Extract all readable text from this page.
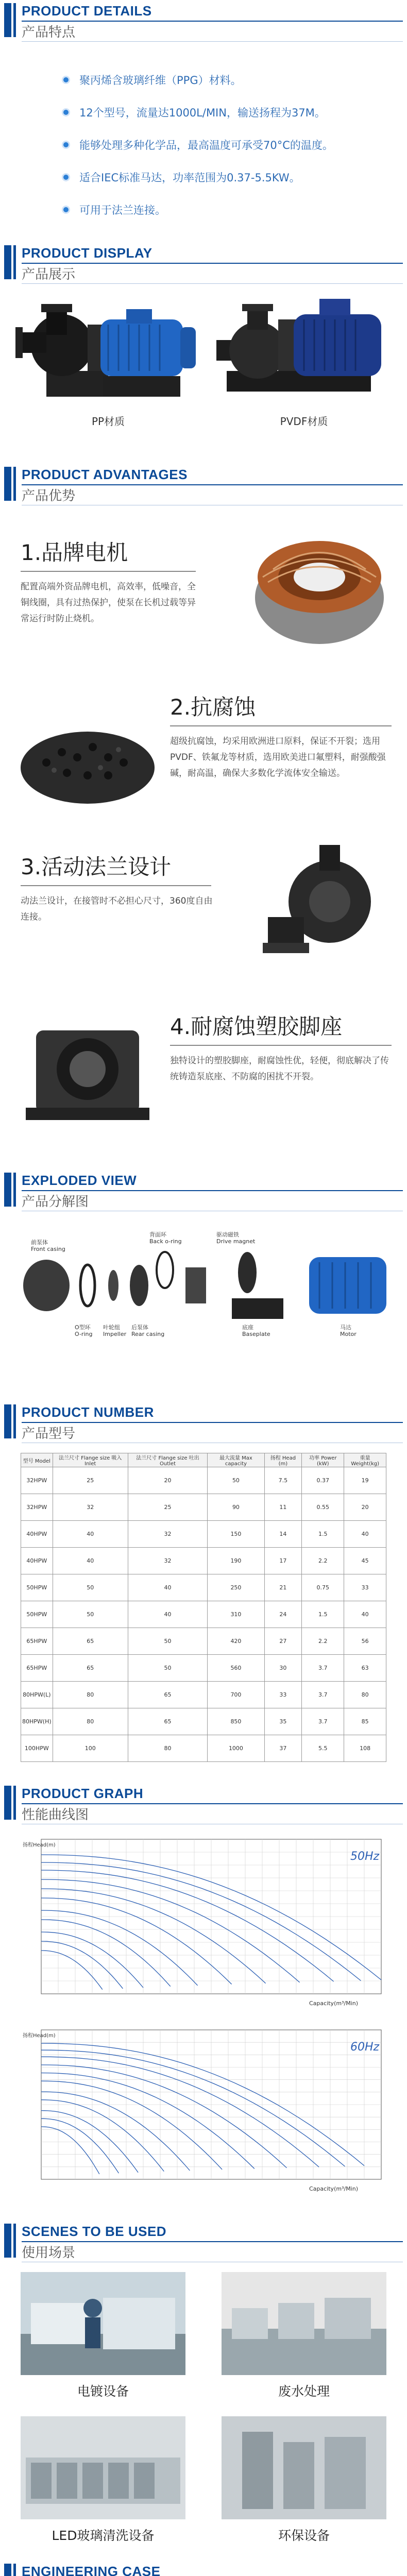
PRODUCT DETAILS
产品特点
聚丙烯含玻璃纤维（PPG）材料。
12个型号，流量达1000L/MIN，输送扬程为37M。
能够处理多种化学品，最高温度可承受70°C的温度。
适合IEC标准马达，功率范围为0.37-5.5KW。
可用于法兰连接。
PRODUCT DISPLAY
产品展示
PP材质	PVDF材质
PRODUCT ADVANTAGES
产品优势
1.品牌电机
配置高端外资品牌电机，高效率，低噪音，全铜线圈，具有过热保护，使泵在长机过载等异常运行时防止烧机。
2.抗腐蚀
超级抗腐蚀，均采用欧洲进口原料，保证不开裂；选用PVDF、铁氟龙等材质，选用欧美进口氟塑料，耐强酸强碱，耐高温，确保大多数化学流体安全输送。
3.活动法兰设计
动法兰设计，在接管时不必担心尺寸，360度自由连接。
4.耐腐蚀塑胶脚座
独特设计的塑胶脚座，耐腐蚀性优，轻便，彻底解决了传统铸造泵底座、不防腐的困扰不开裂。
EXPLODED VIEW
产品分解图
前泵体
Front casing
背面环
Back o-ring
驱动磁铁
Drive magnet
O型环
O-ring
叶轮组
Impeller
后泵体
Rear casing
底座
Baseplate
马达
Motor
PRODUCT NUMBER
产品型号
型号 Model	法兰尺寸 Flange size 吸入 Inlet	法兰尺寸 Flange size 吐出 Outlet	最大流量 Max capacity	扬程 Head (m)	功率 Power (kW)	重量 Weight(kg)
32HPW	25	20	50	7.5	0.37	19
32HPW	32	25	90	11	0.55	20
40HPW	40	32	150	14	1.5	40
40HPW	40	32	190	17	2.2	45
50HPW	50	40	250	21	0.75	33
50HPW	50	40	310	24	1.5	40
65HPW	65	50	420	27	2.2	56
65HPW	65	50	560	30	3.7	63
80HPW(L)	80	65	700	33	3.7	80
80HPW(H)	80	65	850	35	3.7	85
100HPW	100	80	1000	37	5.5	108
PRODUCT GRAPH
性能曲线图
50Hz
Capacity(m³/Min)
扬程Head(m)
60Hz
Capacity(m³/Min)
扬程Head(m)
SCENES TO BE USED
使用场景
电镀设备	废水处理
LED玻璃清洗设备	环保设备
ENGINEERING CASE
